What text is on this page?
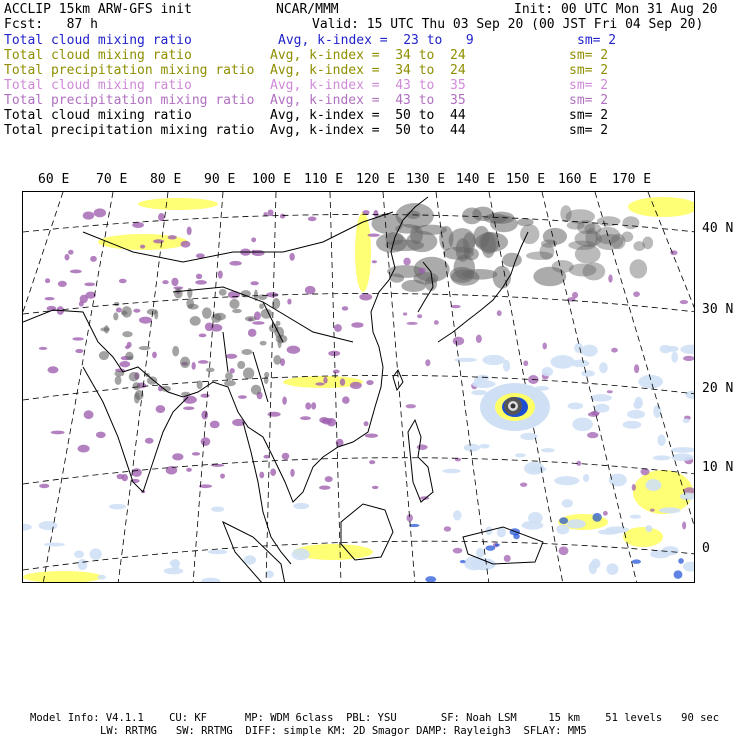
ACCLIP 15km ARW-GFS init	NCAR/MMM	Init: 00 UTC Mon 31 Aug 20
Fcst:   87 h	Valid: 15 UTC Thu 03 Sep 20 (00 JST Fri 04 Sep 20)
Total cloud mixing ratio	Avg, k-index =  23 to   9	sm= 2
Total cloud mixing ratio	Avg, k-index =  34 to  24	sm= 2
Total precipitation mixing ratio Avg, k-index =  34 to  24	sm= 2
Total cloud mixing ratio	Avg, k-index =  43 to  35	sm= 2
Total precipitation mixing ratio Avg, k-index =  43 to  35	sm= 2
Total cloud mixing ratio	Avg, k-index =  50 to  44	sm= 2
Total precipitation mixing ratio Avg, k-index =  50 to  44	sm= 2
60 E 70 E 80 E 90 E 100 E 110 E 120 E 130 E 140 E 150 E 160 E 170 E
40 N
30 N
20 N
10 N
0
Model Info: V4.1.1    CU: KF      MP: WDM 6class  PBL: YSU       SF: Noah LSM     15 km    51 levels   90 sec
LW: RRTMG   SW: RRTMG  DIFF: simple KM: 2D Smagor DAMP: Rayleigh3  SFLAY: MM5
